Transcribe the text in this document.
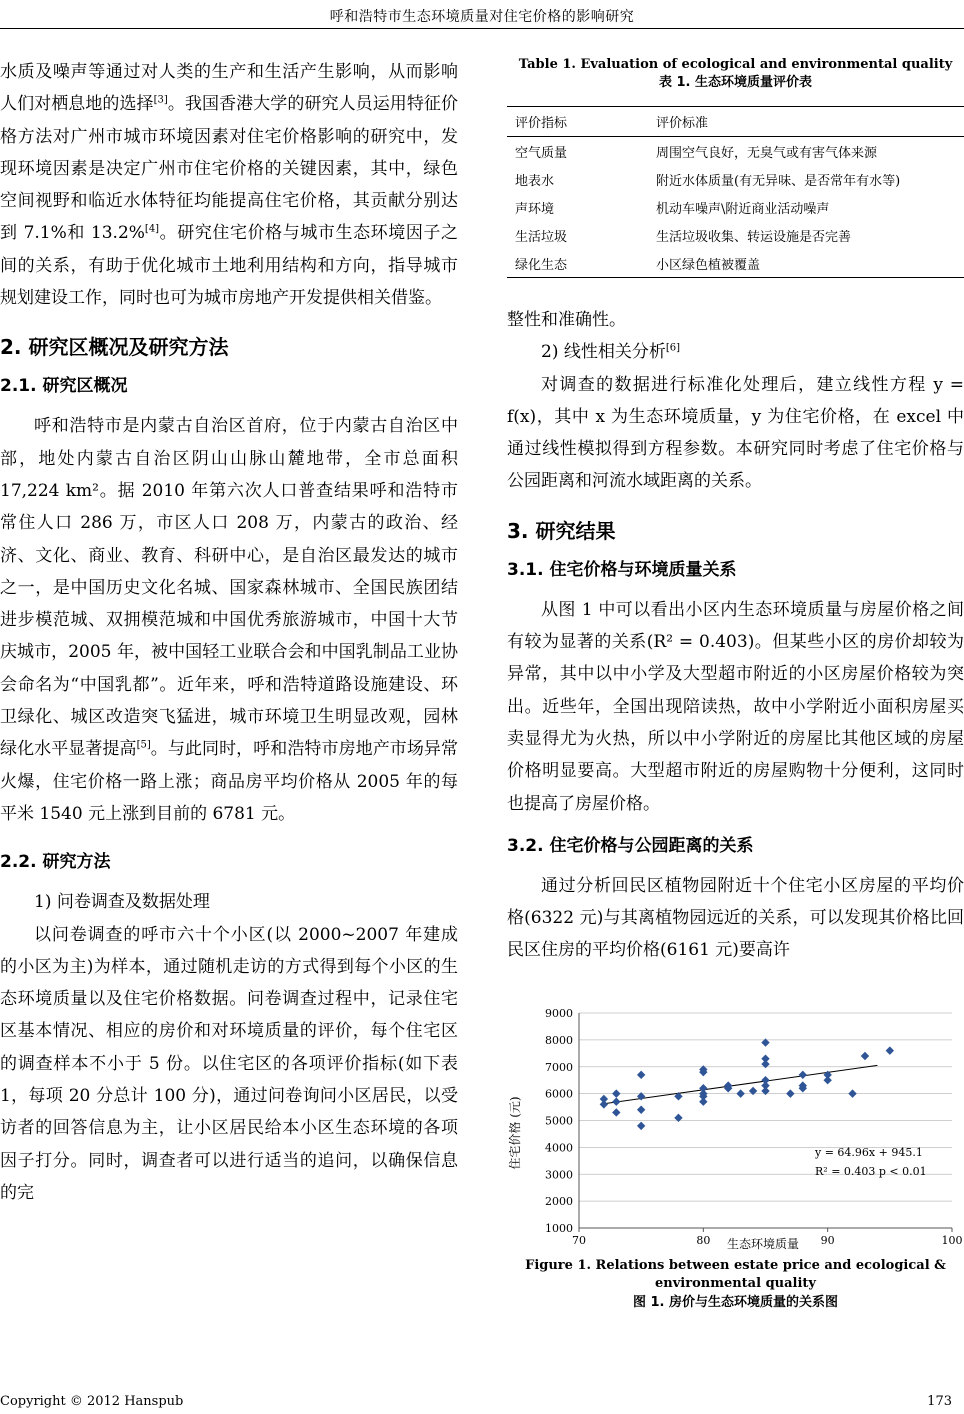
呼和浩特市生态环境质量对住宅价格的影响研究

水质及噪声等通过对人类的生产和生活产生影响，从而影响人们对栖息地的选择[3]。我国香港大学的研究人员运用特征价格方法对广州市城市环境因素对住宅价格影响的研究中，发现环境因素是决定广州市住宅价格的关键因素，其中，绿色空间视野和临近水体特征均能提高住宅价格，其贡献分别达到 7.1%和 13.2%[4]。研究住宅价格与城市生态环境因子之间的关系，有助于优化城市土地利用结构和方向，指导城市规划建设工作，同时也可为城市房地产开发提供相关借鉴。

2. 研究区概况及研究方法
2.1. 研究区概况

呼和浩特市是内蒙古自治区首府，位于内蒙古自治区中部，地处内蒙古自治区阴山山脉山麓地带，全市总面积 17,224 km²。据 2010 年第六次人口普查结果呼和浩特市常住人口 286 万，市区人口 208 万，内蒙古的政治、经济、文化、商业、教育、科研中心，是自治区最发达的城市之一，是中国历史文化名城、国家森林城市、全国民族团结进步模范城、双拥模范城和中国优秀旅游城市，中国十大节庆城市，2005 年，被中国轻工业联合会和中国乳制品工业协会命名为“中国乳都”。近年来，呼和浩特道路设施建设、环卫绿化、城区改造突飞猛进，城市环境卫生明显改观，园林绿化水平显著提高[5]。与此同时，呼和浩特市房地产市场异常火爆，住宅价格一路上涨；商品房平均价格从 2005 年的每平米 1540 元上涨到目前的 6781 元。

2.2. 研究方法

1) 问卷调查及数据处理

以问卷调查的呼市六十个小区(以 2000~2007 年建成的小区为主)为样本，通过随机走访的方式得到每个小区的生态环境质量以及住宅价格数据。问卷调查过程中，记录住宅区基本情况、相应的房价和对环境质量的评价，每个住宅区的调查样本不小于 5 份。以住宅区的各项评价指标(如下表 1，每项 20 分总计 100 分)，通过问卷询问小区居民，以受访者的回答信息为主，让小区居民给本小区生态环境的各项因子打分。同时，调查者可以进行适当的追问，以确保信息的完

Table 1. Evaluation of ecological and environmental quality
表 1. 生态环境质量评价表
评价指标	评价标准
空气质量	周围空气良好，无臭气或有害气体来源
地表水	附近水体质量(有无异味、是否常年有水等)
声环境	机动车噪声\附近商业活动噪声
生活垃圾	生活垃圾收集、转运设施是否完善
绿化生态	小区绿色植被覆盖

整性和准确性。

2) 线性相关分析[6]

对调查的数据进行标准化处理后，建立线性方程 y = f(x)，其中 x 为生态环境质量，y 为住宅价格，在 excel 中通过线性模拟得到方程参数。本研究同时考虑了住宅价格与公园距离和河流水域距离的关系。

3. 研究结果
3.1. 住宅价格与环境质量关系

从图 1 中可以看出小区内生态环境质量与房屋价格之间有较为显著的关系(R² = 0.403)。但某些小区的房价却较为异常，其中以中小学及大型超市附近的小区房屋价格较为突出。近些年，全国出现陪读热，故中小学附近小面积房屋买卖显得尤为火热，所以中小学附近的房屋比其他区域的房屋价格明显要高。大型超市附近的房屋购物十分便利，这同时也提高了房屋价格。

3.2. 住宅价格与公园距离的关系

通过分析回民区植物园附近十个住宅小区房屋的平均价格(6322 元)与其离植物园远近的关系，可以发现其价格比回民区住房的平均价格(6161 元)要高许

1000
2000
3000
4000
5000
6000
7000
8000
9000
70	80	90	100
y = 64.96x + 945.1
R² = 0.403 p < 0.01
生态环境质量
住宅价格 (元)
Figure 1. Relations between estate price and ecological & environmental quality
图 1. 房价与生态环境质量的关系图
Copyright © 2012 Hanspub	173
